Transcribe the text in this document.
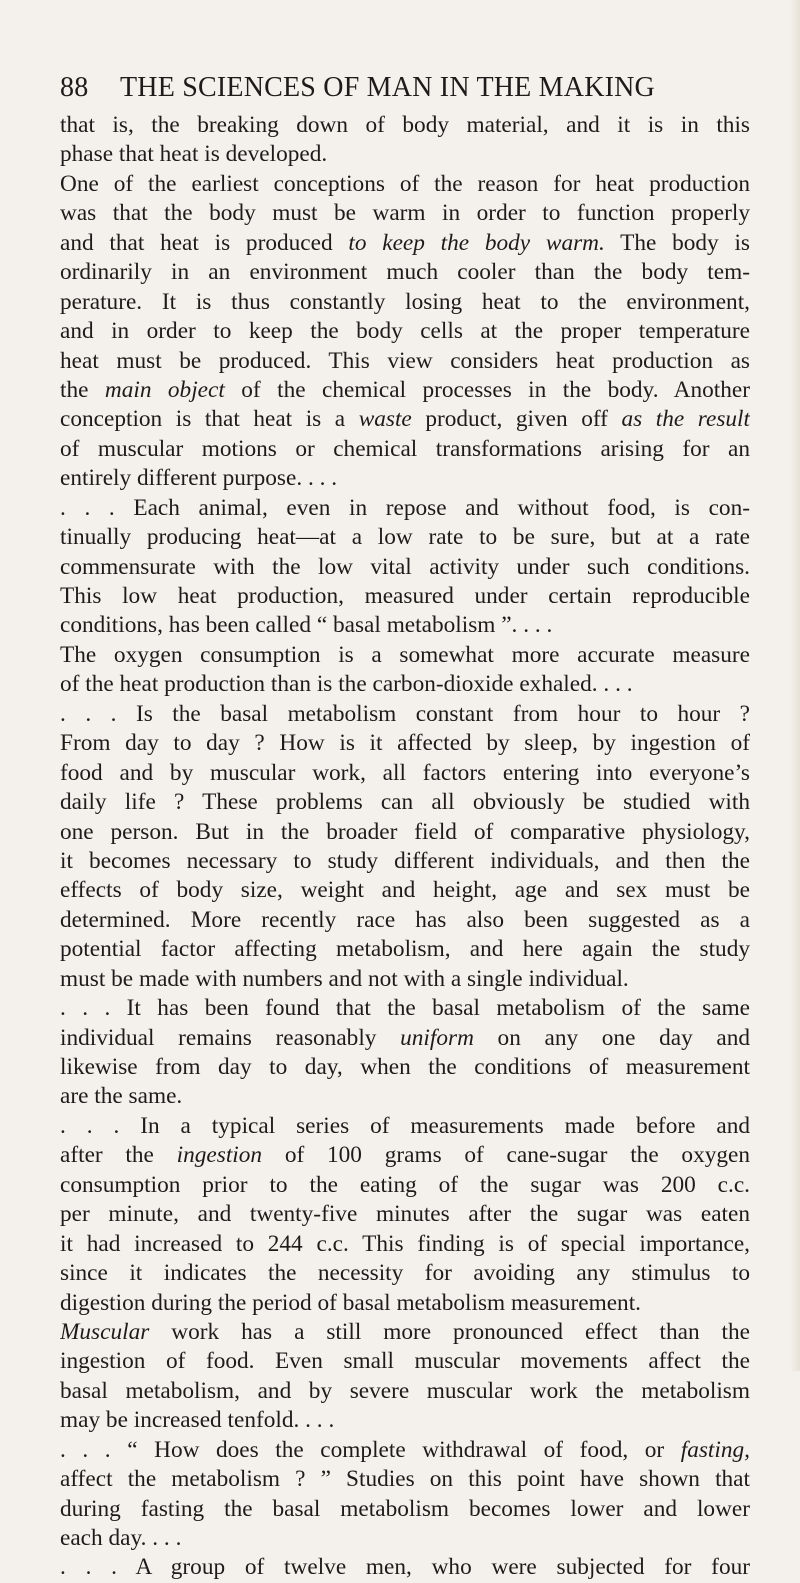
88 THE SCIENCES OF MAN IN THE MAKING
that is, the breaking down of body material, and it is in this
phase that heat is developed.
One of the earliest conceptions of the reason for heat production
was that the body must be warm in order to function properly
and that heat is produced to keep the body warm. The body is
ordinarily in an environment much cooler than the body tem-
perature. It is thus constantly losing heat to the environment,
and in order to keep the body cells at the proper temperature
heat must be produced. This view considers heat production as
the main object of the chemical processes in the body. Another
conception is that heat is a waste product, given off as the result
of muscular motions or chemical transformations arising for an
entirely different purpose. . . .
. . . Each animal, even in repose and without food, is con-
tinually producing heat—at a low rate to be sure, but at a rate
commensurate with the low vital activity under such conditions.
This low heat production, measured under certain reproducible
conditions, has been called “ basal metabolism ”. . . .
The oxygen consumption is a somewhat more accurate measure
of the heat production than is the carbon-dioxide exhaled. . . .
. . . Is the basal metabolism constant from hour to hour ?
From day to day ? How is it affected by sleep, by ingestion of
food and by muscular work, all factors entering into everyone’s
daily life ? These problems can all obviously be studied with
one person. But in the broader field of comparative physiology,
it becomes necessary to study different individuals, and then the
effects of body size, weight and height, age and sex must be
determined. More recently race has also been suggested as a
potential factor affecting metabolism, and here again the study
must be made with numbers and not with a single individual.
. . . It has been found that the basal metabolism of the same
individual remains reasonably uniform on any one day and
likewise from day to day, when the conditions of measurement
are the same.
. . . In a typical series of measurements made before and
after the ingestion of 100 grams of cane-sugar the oxygen
consumption prior to the eating of the sugar was 200 c.c.
per minute, and twenty-five minutes after the sugar was eaten
it had increased to 244 c.c. This finding is of special importance,
since it indicates the necessity for avoiding any stimulus to
digestion during the period of basal metabolism measurement.
Muscular work has a still more pronounced effect than the
ingestion of food. Even small muscular movements affect the
basal metabolism, and by severe muscular work the metabolism
may be increased tenfold. . . .
. . . “ How does the complete withdrawal of food, or fasting,
affect the metabolism ? ” Studies on this point have shown that
during fasting the basal metabolism becomes lower and lower
each day. . . .
. . . A group of twelve men, who were subjected for four
